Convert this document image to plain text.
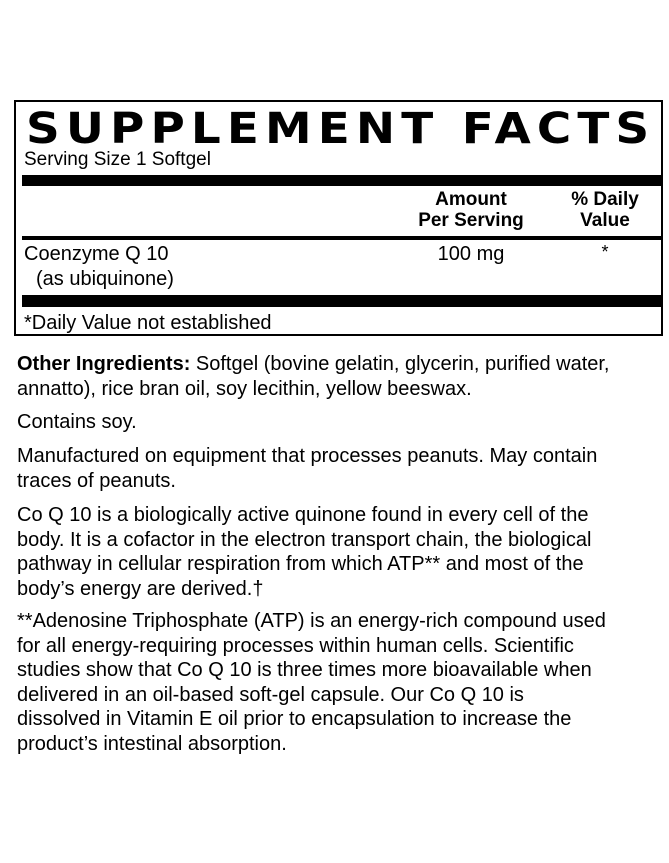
SUPPLEMENT FACTS
Serving Size 1 Softgel
Amount
Per Serving
% Daily
Value
Coenzyme Q 10
(as ubiquinone)
100 mg	*
*Daily Value not established
Other Ingredients: Softgel (bovine gelatin, glycerin, purified water,
annatto), rice bran oil, soy lecithin, yellow beeswax.
Contains soy.
Manufactured on equipment that processes peanuts. May contain
traces of peanuts.
Co Q 10 is a biologically active quinone found in every cell of the
body. It is a cofactor in the electron transport chain, the biological
pathway in cellular respiration from which ATP** and most of the
body’s energy are derived.†
**Adenosine Triphosphate (ATP) is an energy-rich compound used
for all energy-requiring processes within human cells. Scientific
studies show that Co Q 10 is three times more bioavailable when
delivered in an oil-based soft-gel capsule. Our Co Q 10 is
dissolved in Vitamin E oil prior to encapsulation to increase the
product’s intestinal absorption.
